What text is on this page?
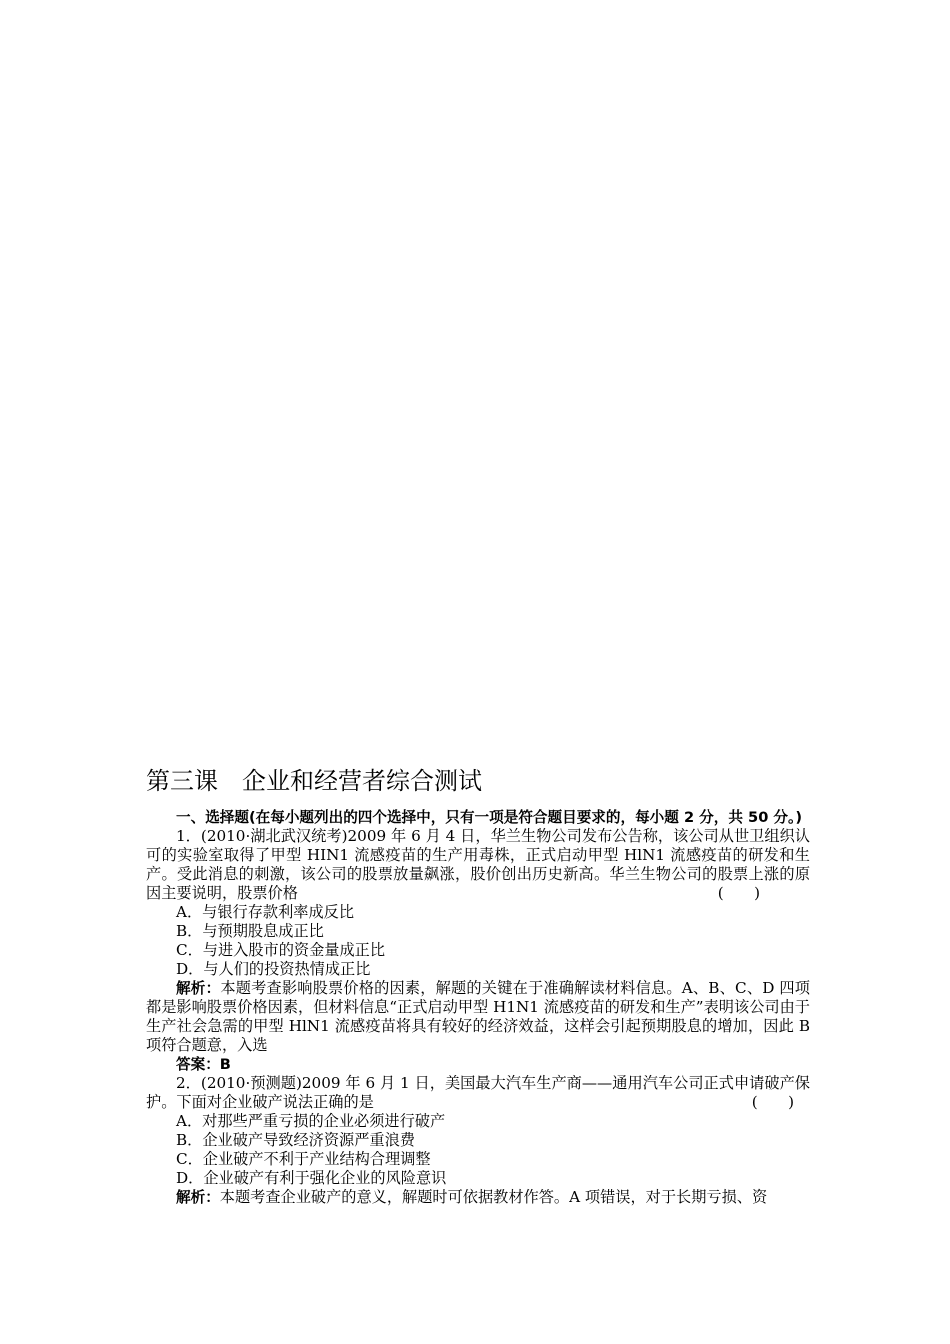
第三课　企业和经营者综合测试

一、选择题(在每小题列出的四个选择中，只有一项是符合题目要求的，每小题 2 分，共 50 分。)

1．(2010·湖北武汉统考)2009 年 6 月 4 日，华兰生物公司发布公告称，该公司从世卫组织认可的实验室取得了甲型 HIN1 流感疫苗的生产用毒株，正式启动甲型 HlN1 流感疫苗的研发和生产。受此消息的刺激，该公司的股票放量飙涨，股价创出历史新高。华兰生物公司的股票上涨的原因主要说明，股票价格	(　　)

A．与银行存款利率成反比

B．与预期股息成正比

C．与进入股市的资金量成正比

D．与人们的投资热情成正比

解析：本题考查影响股票价格的因素，解题的关键在于准确解读材料信息。A、B、C、D 四项都是影响股票价格因素，但材料信息“正式启动甲型 H1N1 流感疫苗的研发和生产”表明该公司由于生产社会急需的甲型 HlN1 流感疫苗将具有较好的经济效益，这样会引起预期股息的增加，因此 B 项符合题意，入选

答案：B

2．(2010·预测题)2009 年 6 月 1 日，美国最大汽车生产商——通用汽车公司正式申请破产保护。下面对企业破产说法正确的是	(　　)

A．对那些严重亏损的企业必须进行破产

B．企业破产导致经济资源严重浪费

C．企业破产不利于产业结构合理调整

D．企业破产有利于强化企业的风险意识

解析：本题考查企业破产的意义，解题时可依据教材作答。A 项错误，对于长期亏损、资
